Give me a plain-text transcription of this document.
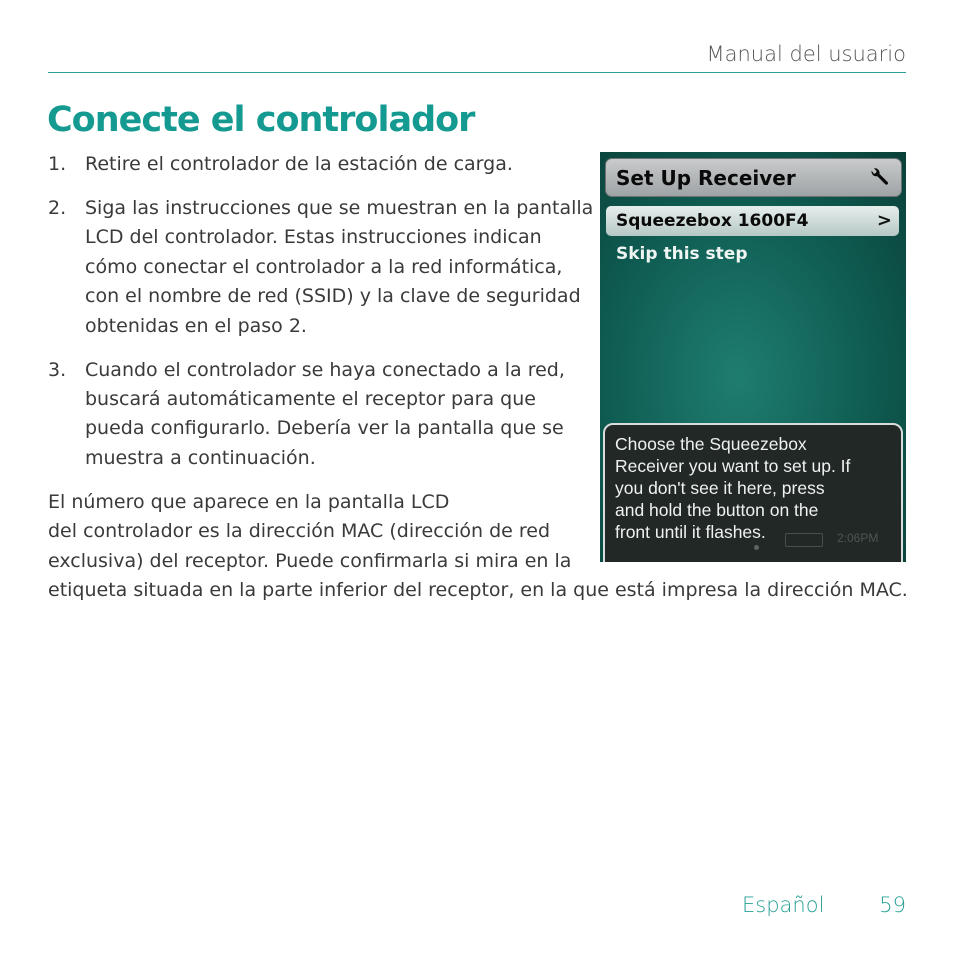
Manual del usuario
Conecte el controlador
1. Retire el controlador de la estación de carga.
2. Siga las instrucciones que se muestran en la pantalla
LCD del controlador. Estas instrucciones indican
cómo conectar el controlador a la red informática,
con el nombre de red (SSID) y la clave de seguridad
obtenidas en el paso 2.
3. Cuando el controlador se haya conectado a la red,
buscará automáticamente el receptor para que
pueda configurarlo. Debería ver la pantalla que se
muestra a continuación.

El número que aparece en la pantalla LCD
del controlador es la dirección MAC (dirección de red
exclusiva) del receptor. Puede confirmarla si mira en la
etiqueta situada en la parte inferior del receptor, en la que está impresa la dirección MAC.

Set Up Receiver
Squeezebox 1600F4	>
Skip this step
Choose the Squeezebox
Receiver you want to set up. If
you don't see it here, press
and hold the button on the
front until it flashes.	2:06PM
Español	59
